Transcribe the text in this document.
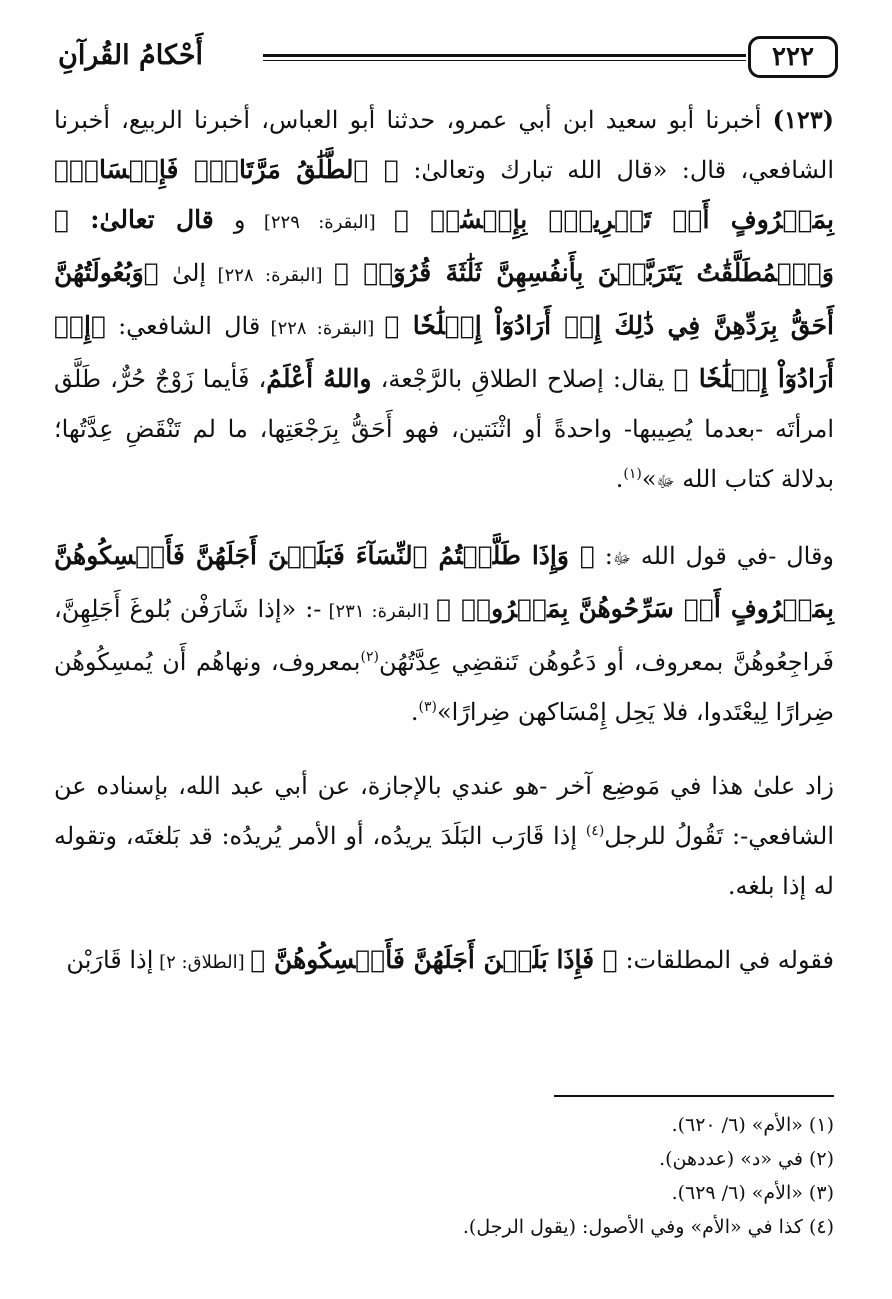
٢٢٢
أَحْكامُ القُرآنِ

(١٢٣) أخبرنا أبو سعيد ابن أبي عمرو، حدثنا أبو العباس، أخبرنا الربيع، أخبرنا الشافعي، قال: «قال الله تبارك وتعالىٰ: ﴿ ٱلطَّلَٰقُ مَرَّتَانِۖ فَإِمۡسَاكُۢ بِمَعۡرُوفٍ أَوۡ تَسۡرِيحُۢ بِإِحۡسَٰنٖ ﴾ [البقرة: ٢٢٩] و قال تعالىٰ: ﴿ وَٱلۡمُطَلَّقَٰتُ يَتَرَبَّصۡنَ بِأَنفُسِهِنَّ ثَلَٰثَةَ قُرُوٓءٖ ﴾ [البقرة: ٢٢٨] إلىٰ ﴿وَبُعُولَتُهُنَّ أَحَقُّ بِرَدِّهِنَّ فِي ذَٰلِكَ إِنۡ أَرَادُوٓاْ إِصۡلَٰحٗا ﴾ [البقرة: ٢٢٨] قال الشافعي: ﴿إِنۡ أَرَادُوٓاْ إِصۡلَٰحٗا ﴾ يقال: إصلاح الطلاقِ بالرَّجْعة، واللهُ أَعْلَمُ، فَأيما زَوْجٌ حُرٌّ، طَلَّق امرأتَه -بعدما يُصِيبها- واحدةً أو اثْنَتين، فهو أَحَقُّ بِرَجْعَتِها، ما لم تَنْقَضِ عِدَّتُها؛ بدلالة كتاب الله ﷻ»$^{(١)}$.

وقال -في قول الله ﷻ: ﴿ وَإِذَا طَلَّقۡتُمُ ٱلنِّسَآءَ فَبَلَغۡنَ أَجَلَهُنَّ فَأَمۡسِكُوهُنَّ بِمَعۡرُوفٍ أَوۡ سَرِّحُوهُنَّ بِمَعۡرُوفٖ ﴾ [البقرة: ٢٣١] -: «إذا شَارَفْن بُلوغَ أَجَلِهِنَّ، فَراجِعُوهُنَّ بمعروف، أو دَعُوهُن تَنقضِي عِدَّتُهُن$^{(٢)}$بمعروف، ونهاهُم أَن يُمسِكُوهُن ضِرارًا لِيعْتَدوا، فلا يَحِل إِمْسَاكهن ضِرارًا»$^{(٣)}$.

زاد علىٰ هذا في مَوضِع آخر -هو عندي بالإجازة، عن أبي عبد الله، بإسناده عن الشافعي-: تَقُولُ للرجل$^{(٤)}$ إذا قَارَب البَلَدَ يريدُه، أو الأمر يُريدُه: قد بَلغتَه، وتقوله له إذا بلغه.

فقوله في المطلقات: ﴿ فَإِذَا بَلَغۡنَ أَجَلَهُنَّ فَأَمۡسِكُوهُنَّ ﴾ [الطلاق: ٢] إذا قَارَبْن

(١) «الأم» (٦/ ٦٢٠).

(٢) في «د» (عددهن).

(٣) «الأم» (٦/ ٦٢٩).

(٤) كذا في «الأم» وفي الأصول: (يقول الرجل).
